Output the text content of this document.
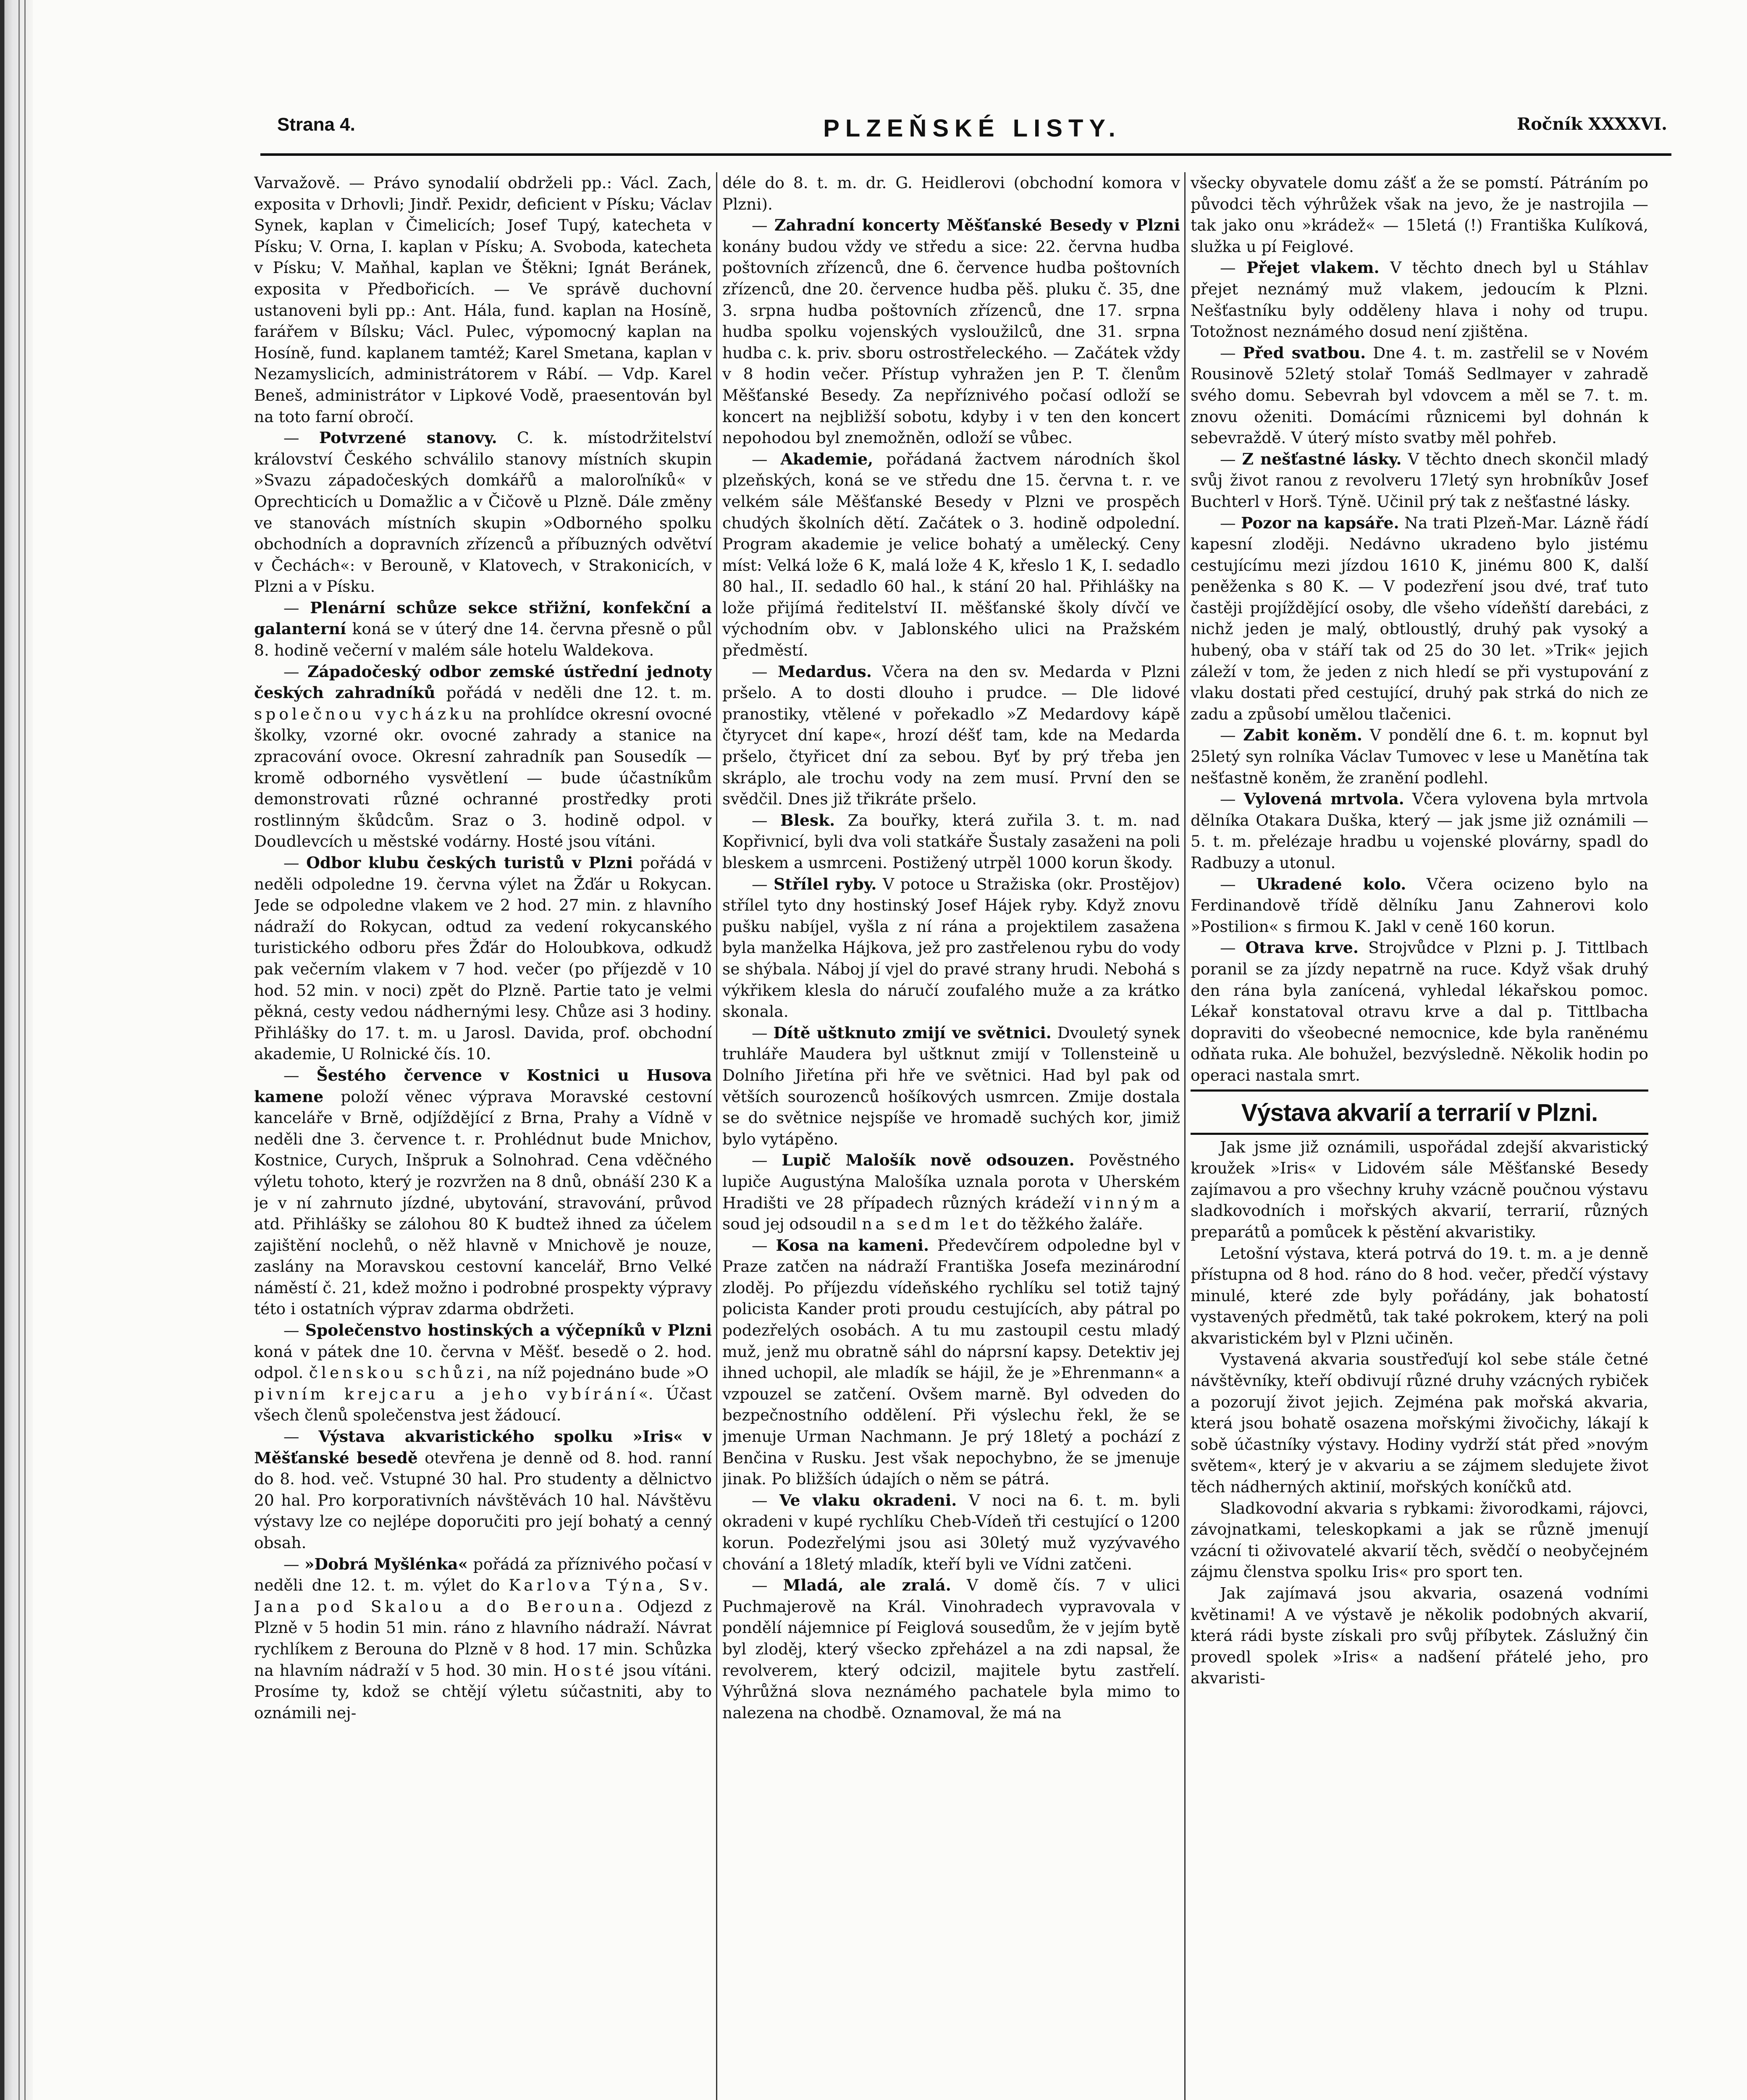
PLZEŇSKÉ LISTY.
Strana 4.	Ročník XXXXVI.

Varvažově. — Právo synodalií obdrželi pp.: Václ. Zach, exposita v Drhovli; Jindř. Pexidr, deficient v Písku; Václav Synek, kaplan v Čimelicích; Josef Tupý, katecheta v Písku; V. Orna, I. kaplan v Písku; A. Svoboda, katecheta v Písku; V. Maňhal, kaplan ve Štěkni; Ignát Beránek, exposita v Předbořicích. — Ve správě duchovní ustanoveni byli pp.: Ant. Hála, fund. kaplan na Hosíně, farářem v Bílsku; Václ. Pulec, výpomocný kaplan na Hosíně, fund. kaplanem tamtéž; Karel Smetana, kaplan v Nezamyslicích, administrátorem v Rábí. — Vdp. Karel Beneš, administrátor v Lipkové Vodě, praesentován byl na toto farní obročí.

— Potvrzené stanovy. C. k. místodržitelství království Českého schválilo stanovy místních skupin »Svazu západočeských domkářů a maloroľníků« v Oprechticích u Domažlic a v Čičově u Plzně. Dále změny ve stanovách místních skupin »Odborného spolku obchodních a dopravních zřízenců a příbuzných odvětví v Čechách«: v Berouně, v Klatovech, v Strakonicích, v Plzni a v Písku.

— Plenární schůze sekce střižní, konfekční a galanterní koná se v úterý dne 14. června přesně o půl 8. hodině večerní v malém sále hotelu Waldekova.

— Západočeský odbor zemské ústřední jednoty českých zahradníků pořádá v neděli dne 12. t. m. společnou vycházku na prohlídce okresní ovocné školky, vzorné okr. ovocné zahrady a stanice na zpracování ovoce. Okresní zahradník pan Sousedík — kromě odborného vysvětlení — bude účastníkům demonstrovati různé ochranné prostředky proti rostlinným škůdcům. Sraz o 3. hodině odpol. v Doudlevcích u městské vodárny. Hosté jsou vítáni.

— Odbor klubu českých turistů v Plzni pořádá v neděli odpoledne 19. června výlet na Žďár u Rokycan. Jede se odpoledne vlakem ve 2 hod. 27 min. z hlavního nádraží do Rokycan, odtud za vedení rokycanského turistického odboru přes Žďár do Holoubkova, odkudž pak večerním vlakem v 7 hod. večer (po příjezdě v 10 hod. 52 min. v noci) zpět do Plzně. Partie tato je velmi pěkná, cesty vedou nádhernými lesy. Chůze asi 3 hodiny. Přihlášky do 17. t. m. u Jarosl. Davida, prof. obchodní akademie, U Rolnické čís. 10.

— Šestého července v Kostnici u Husova kamene položí věnec výprava Moravské cestovní kanceláře v Brně, odjíždějící z Brna, Prahy a Vídně v neděli dne 3. července t. r. Prohlédnut bude Mnichov, Kostnice, Curych, Inšpruk a Solnohrad. Cena vděčného výletu tohoto, který je rozvržen na 8 dnů, obnáší 230 K a je v ní zahrnuto jízdné, ubytování, stravování, průvod atd. Přihlášky se zálohou 80 K budtež ihned za účelem zajištění noclehů, o něž hlavně v Mnichově je nouze, zaslány na Moravskou cestovní kancelář, Brno Velké náměstí č. 21, kdež možno i podrobné prospekty výpravy této i ostatních výprav zdarma obdržeti.

— Společenstvo hostinských a výčepníků v Plzni koná v pátek dne 10. června v Měšť. besedě o 2. hod. odpol. členskou schůzi, na níž pojednáno bude »O pivním krejcaru a jeho vybírání«. Účast všech členů společenstva jest žádoucí.

— Výstava akvaristického spolku »Iris« v Měšťanské besedě otevřena je denně od 8. hod. ranní do 8. hod. več. Vstupné 30 hal. Pro studenty a dělnictvo 20 hal. Pro korporativních návštěvách 10 hal. Návštěvu výstavy lze co nejlépe doporučiti pro její bohatý a cenný obsah.

— »Dobrá Myšlénka« pořádá za příznivého počasí v neděli dne 12. t. m. výlet do Karlova Týna, Sv. Jana pod Skalou a do Berouna. Odjezd z Plzně v 5 hodin 51 min. ráno z hlavního nádraží. Návrat rychlíkem z Berouna do Plzně v 8 hod. 17 min. Schůzka na hlavním nádraží v 5 hod. 30 min. Hosté jsou vítáni. Prosíme ty, kdož se chtějí výletu súčastniti, aby to oznámili nej-

déle do 8. t. m. dr. G. Heidlerovi (obchodní komora v Plzni).

— Zahradní koncerty Měšťanské Besedy v Plzni konány budou vždy ve středu a sice: 22. června hudba poštovních zřízenců, dne 6. července hudba poštovních zřízenců, dne 20. července hudba pěš. pluku č. 35, dne 3. srpna hudba poštovních zřízenců, dne 17. srpna hudba spolku vojenských vysloužilců, dne 31. srpna hudba c. k. priv. sboru ostrostřeleckého. — Začátek vždy v 8 hodin večer. Přístup vyhražen jen P. T. členům Měšťanské Besedy. Za nepříznivého počasí odloží se koncert na nejbližší sobotu, kdyby i v ten den koncert nepohodou byl znemožněn, odloží se vůbec.

— Akademie, pořádaná žactvem národních škol plzeňských, koná se ve středu dne 15. června t. r. ve velkém sále Měšťanské Besedy v Plzni ve prospěch chudých školních dětí. Začátek o 3. hodině odpolední. Program akademie je velice bohatý a umělecký. Ceny míst: Velká lože 6 K, malá lože 4 K, křeslo 1 K, I. sedadlo 80 hal., II. sedadlo 60 hal., k stání 20 hal. Přihlášky na lože přijímá ředitelství II. měšťanské školy dívčí ve východním obv. v Jablonského ulici na Pražském předměstí.

— Medardus. Včera na den sv. Medarda v Plzni pršelo. A to dosti dlouho i prudce. — Dle lidové pranostiky, vtělené v pořekadlo »Z Medardovy kápě čtyrycet dní kape«, hrozí déšť tam, kde na Medarda pršelo, čtyřicet dní za sebou. Byť by prý třeba jen skráplo, ale trochu vody na zem musí. První den se svědčil. Dnes již třikráte pršelo.

— Blesk. Za bouřky, která zuřila 3. t. m. nad Kopřivnicí, byli dva voli statkáře Šustaly zasaženi na poli bleskem a usmrceni. Postižený utrpěl 1000 korun škody.

— Střílel ryby. V potoce u Stražiska (okr. Prostějov) střílel tyto dny hostinský Josef Hájek ryby. Když znovu pušku nabíjel, vyšla z ní rána a projektilem zasažena byla manželka Hájkova, jež pro zastřelenou rybu do vody se shýbala. Náboj jí vjel do pravé strany hrudi. Nebohá s výkřikem klesla do náručí zoufalého muže a za krátko skonala.

— Dítě uštknuto zmijí ve světnici. Dvouletý synek truhláře Maudera byl uštknut zmijí v Tollensteině u Dolního Jiřetína při hře ve světnici. Had byl pak od větších sourozenců hošíkových usmrcen. Zmije dostala se do světnice nejspíše ve hromadě suchých kor, jimiž bylo vytápěno.

— Lupič Malošík nově odsouzen. Pověstného lupiče Augustýna Malošíka uznala porota v Uherském Hradišti ve 28 případech různých krádeží vinným a soud jej odsoudil na sedm let do těžkého žaláře.

— Kosa na kameni. Předevčírem odpoledne byl v Praze zatčen na nádraží Františka Josefa mezinárodní zloděj. Po příjezdu vídeňského rychlíku sel totiž tajný policista Kander proti proudu cestujících, aby pátral po podezřelých osobách. A tu mu zastoupil cestu mladý muž, jenž mu obratně sáhl do náprsní kapsy. Detektiv jej ihned uchopil, ale mladík se hájil, že je »Ehrenmann« a vzpouzel se zatčení. Ovšem marně. Byl odveden do bezpečnostního oddělení. Při výslechu řekl, že se jmenuje Urman Nachmann. Je prý 18letý a pochází z Benčina v Rusku. Jest však nepochybno, že se jmenuje jinak. Po bližších údajích o něm se pátrá.

— Ve vlaku okradeni. V noci na 6. t. m. byli okradeni v kupé rychlíku Cheb-Vídeň tři cestující o 1200 korun. Podezřelými jsou asi 30letý muž vyzývavého chování a 18letý mladík, kteří byli ve Vídni zatčeni.

— Mladá, ale zralá. V domě čís. 7 v ulici Puchmajerově na Král. Vinohradech vypravovala v pondělí nájemnice pí Feiglová sousedům, že v jejím bytě byl zloděj, který všecko zpřeházel a na zdi napsal, že revolverem, který odcizil, majitele bytu zastřelí. Výhrůžná slova neznámého pachatele byla mimo to nalezena na chodbě. Oznamoval, že má na

všecky obyvatele domu zášť a že se pomstí. Pátráním po původci těch výhrůžek však na jevo, že je nastrojila — tak jako onu »krádež« — 15letá (!) Františka Kulíková, služka u pí Feiglové.

— Přejet vlakem. V těchto dnech byl u Stáhlav přejet neznámý muž vlakem, jedoucím k Plzni. Nešťastníku byly odděleny hlava i nohy od trupu. Totožnost neznámého dosud není zjištěna.

— Před svatbou. Dne 4. t. m. zastřelil se v Novém Rousinově 52letý stolař Tomáš Sedlmayer v zahradě svého domu. Sebevrah byl vdovcem a měl se 7. t. m. znovu oženiti. Domácími různicemi byl dohnán k sebevraždě. V úterý místo svatby měl pohřeb.

— Z nešťastné lásky. V těchto dnech skončil mladý svůj život ranou z revolveru 17letý syn hrobníkův Josef Buchterl v Horš. Týně. Učinil prý tak z nešťastné lásky.

— Pozor na kapsáře. Na trati Plzeň-Mar. Lázně řádí kapesní zloději. Nedávno ukradeno bylo jistému cestujícímu mezi jízdou 1610 K, jinému 800 K, další peněženka s 80 K. — V podezření jsou dvé, trať tuto častěji projíždějící osoby, dle všeho vídeňští darebáci, z nichž jeden je malý, obtloustlý, druhý pak vysoký a hubený, oba v stáří tak od 25 do 30 let. »Trik« jejich záleží v tom, že jeden z nich hledí se při vystupování z vlaku dostati před cestující, druhý pak strká do nich ze zadu a způsobí umělou tlačenici.

— Zabit koněm. V pondělí dne 6. t. m. kopnut byl 25letý syn rolníka Václav Tumovec v lese u Manětína tak nešťastně koněm, že zranění podlehl.

— Vylovená mrtvola. Včera vylovena byla mrtvola dělníka Otakara Duška, který — jak jsme již oznámili — 5. t. m. přelézaje hradbu u vojenské plovárny, spadl do Radbuzy a utonul.

— Ukradené kolo. Včera ocizeno bylo na Ferdinandově třídě dělníku Janu Zahnerovi kolo »Postilion« s firmou K. Jakl v ceně 160 korun.

— Otrava krve. Strojvůdce v Plzni p. J. Tittlbach poranil se za jízdy nepatrně na ruce. Když však druhý den rána byla zanícená, vyhledal lékařskou pomoc. Lékař konstatoval otravu krve a dal p. Tittlbacha dopraviti do všeobecné nemocnice, kde byla raněnému odňata ruka. Ale bohužel, bezvýsledně. Několik hodin po operaci nastala smrt.

Výstava akvarií a terrarií v Plzni.

Jak jsme již oznámili, uspořádal zdejší akvaristický kroužek »Iris« v Lidovém sále Měšťanské Besedy zajímavou a pro všechny kruhy vzácně poučnou výstavu sladkovodních i mořských akvarií, terrarií, různých preparátů a pomůcek k pěstění akvaristiky.

Letošní výstava, která potrvá do 19. t. m. a je denně přístupna od 8 hod. ráno do 8 hod. večer, předčí výstavy minulé, které zde byly pořádány, jak bohatostí vystavených předmětů, tak také pokrokem, který na poli akvaristickém byl v Plzni učiněn.

Vystavená akvaria soustřeďují kol sebe stále četné návštěvníky, kteří obdivují různé druhy vzácných rybiček a pozorují život jejich. Zejména pak mořská akvaria, která jsou bohatě osazena mořskými živočichy, lákají k sobě účastníky výstavy. Hodiny vydrží stát před »novým světem«, který je v akvariu a se zájmem sledujete život těch nádherných aktinií, mořských koníčků atd.

Sladkovodní akvaria s rybkami: živorodkami, rájovci, závojnatkami, teleskopkami a jak se různě jmenují vzácní ti oživovatelé akvarií těch, svědčí o neobyčejném zájmu členstva spolku Iris« pro sport ten.

Jak zajímavá jsou akvaria, osazená vodními květinami! A ve výstavě je několik podobných akvarií, která rádi byste získali pro svůj příbytek. Záslužný čin provedl spolek »Iris« a nadšení přátelé jeho, pro akvaristi-
